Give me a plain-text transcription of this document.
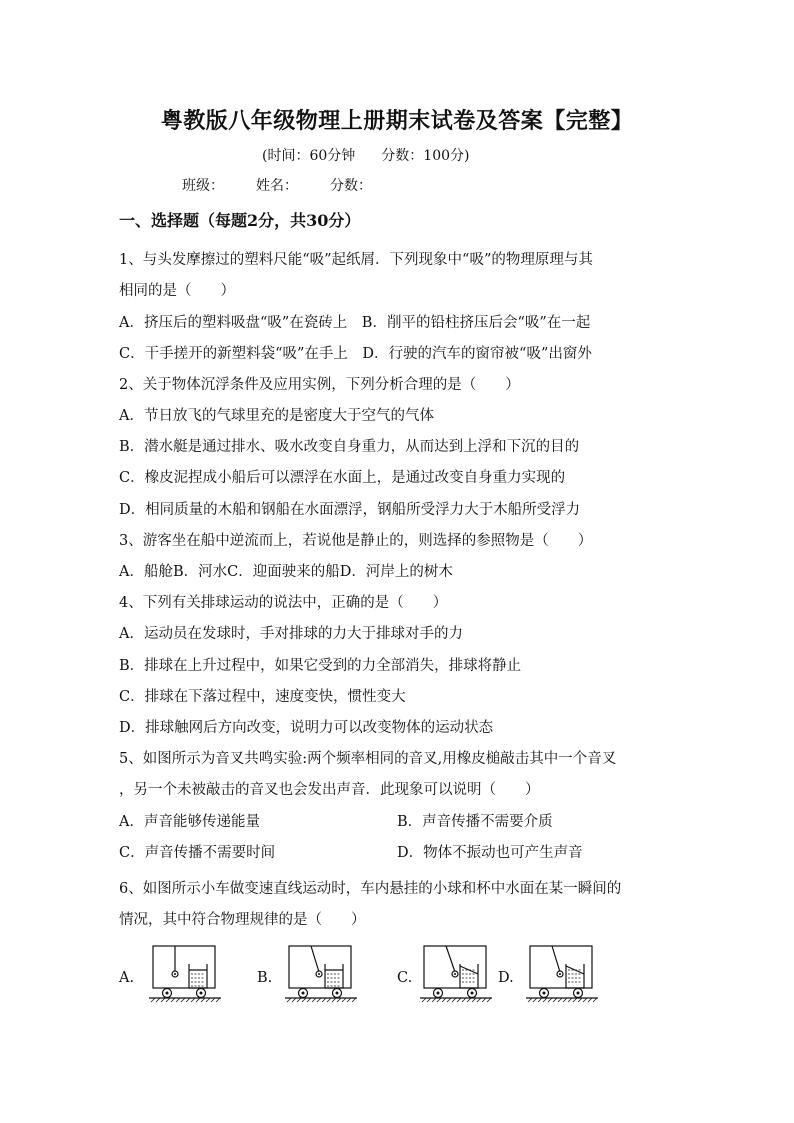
粤教版八年级物理上册期末试卷及答案【完整】
(时间：60分钟 分数：100分)
班级： 姓名： 分数：
一、选择题（每题2分，共30分）
1、与头发摩擦过的塑料尺能“吸”起纸屑．下列现象中“吸”的物理原理与其
相同的是（　　）
A．挤压后的塑料吸盘“吸”在瓷砖上　B．削平的铅柱挤压后会“吸”在一起
C．干手搓开的新塑料袋“吸”在手上　D．行驶的汽车的窗帘被“吸”出窗外
2、关于物体沉浮条件及应用实例，下列分析合理的是（　　）
A．节日放飞的气球里充的是密度大于空气的气体
B．潜水艇是通过排水、吸水改变自身重力，从而达到上浮和下沉的目的
C．橡皮泥捏成小船后可以漂浮在水面上，是通过改变自身重力实现的
D．相同质量的木船和钢船在水面漂浮，钢船所受浮力大于木船所受浮力
3、游客坐在船中逆流而上，若说他是静止的，则选择的参照物是（　　）
A．船舱B．河水C．迎面驶来的船D．河岸上的树木
4、下列有关排球运动的说法中，正确的是（　　）
A．运动员在发球时，手对排球的力大于排球对手的力
B．排球在上升过程中，如果它受到的力全部消失，排球将静止
C．排球在下落过程中，速度变快，惯性变大
D．排球触网后方向改变，说明力可以改变物体的运动状态
5、如图所示为音叉共鸣实验:两个频率相同的音叉,用橡皮槌敲击其中一个音叉
，另一个未被敲击的音叉也会发出声音．此现象可以说明（　　）
A．声音能够传递能量	B．声音传播不需要介质
C．声音传播不需要时间	D．物体不振动也可产生声音
6、如图所示小车做变速直线运动时，车内悬挂的小球和杯中水面在某一瞬间的
情况，其中符合物理规律的是（　　）
A.	B.	C.	D.
